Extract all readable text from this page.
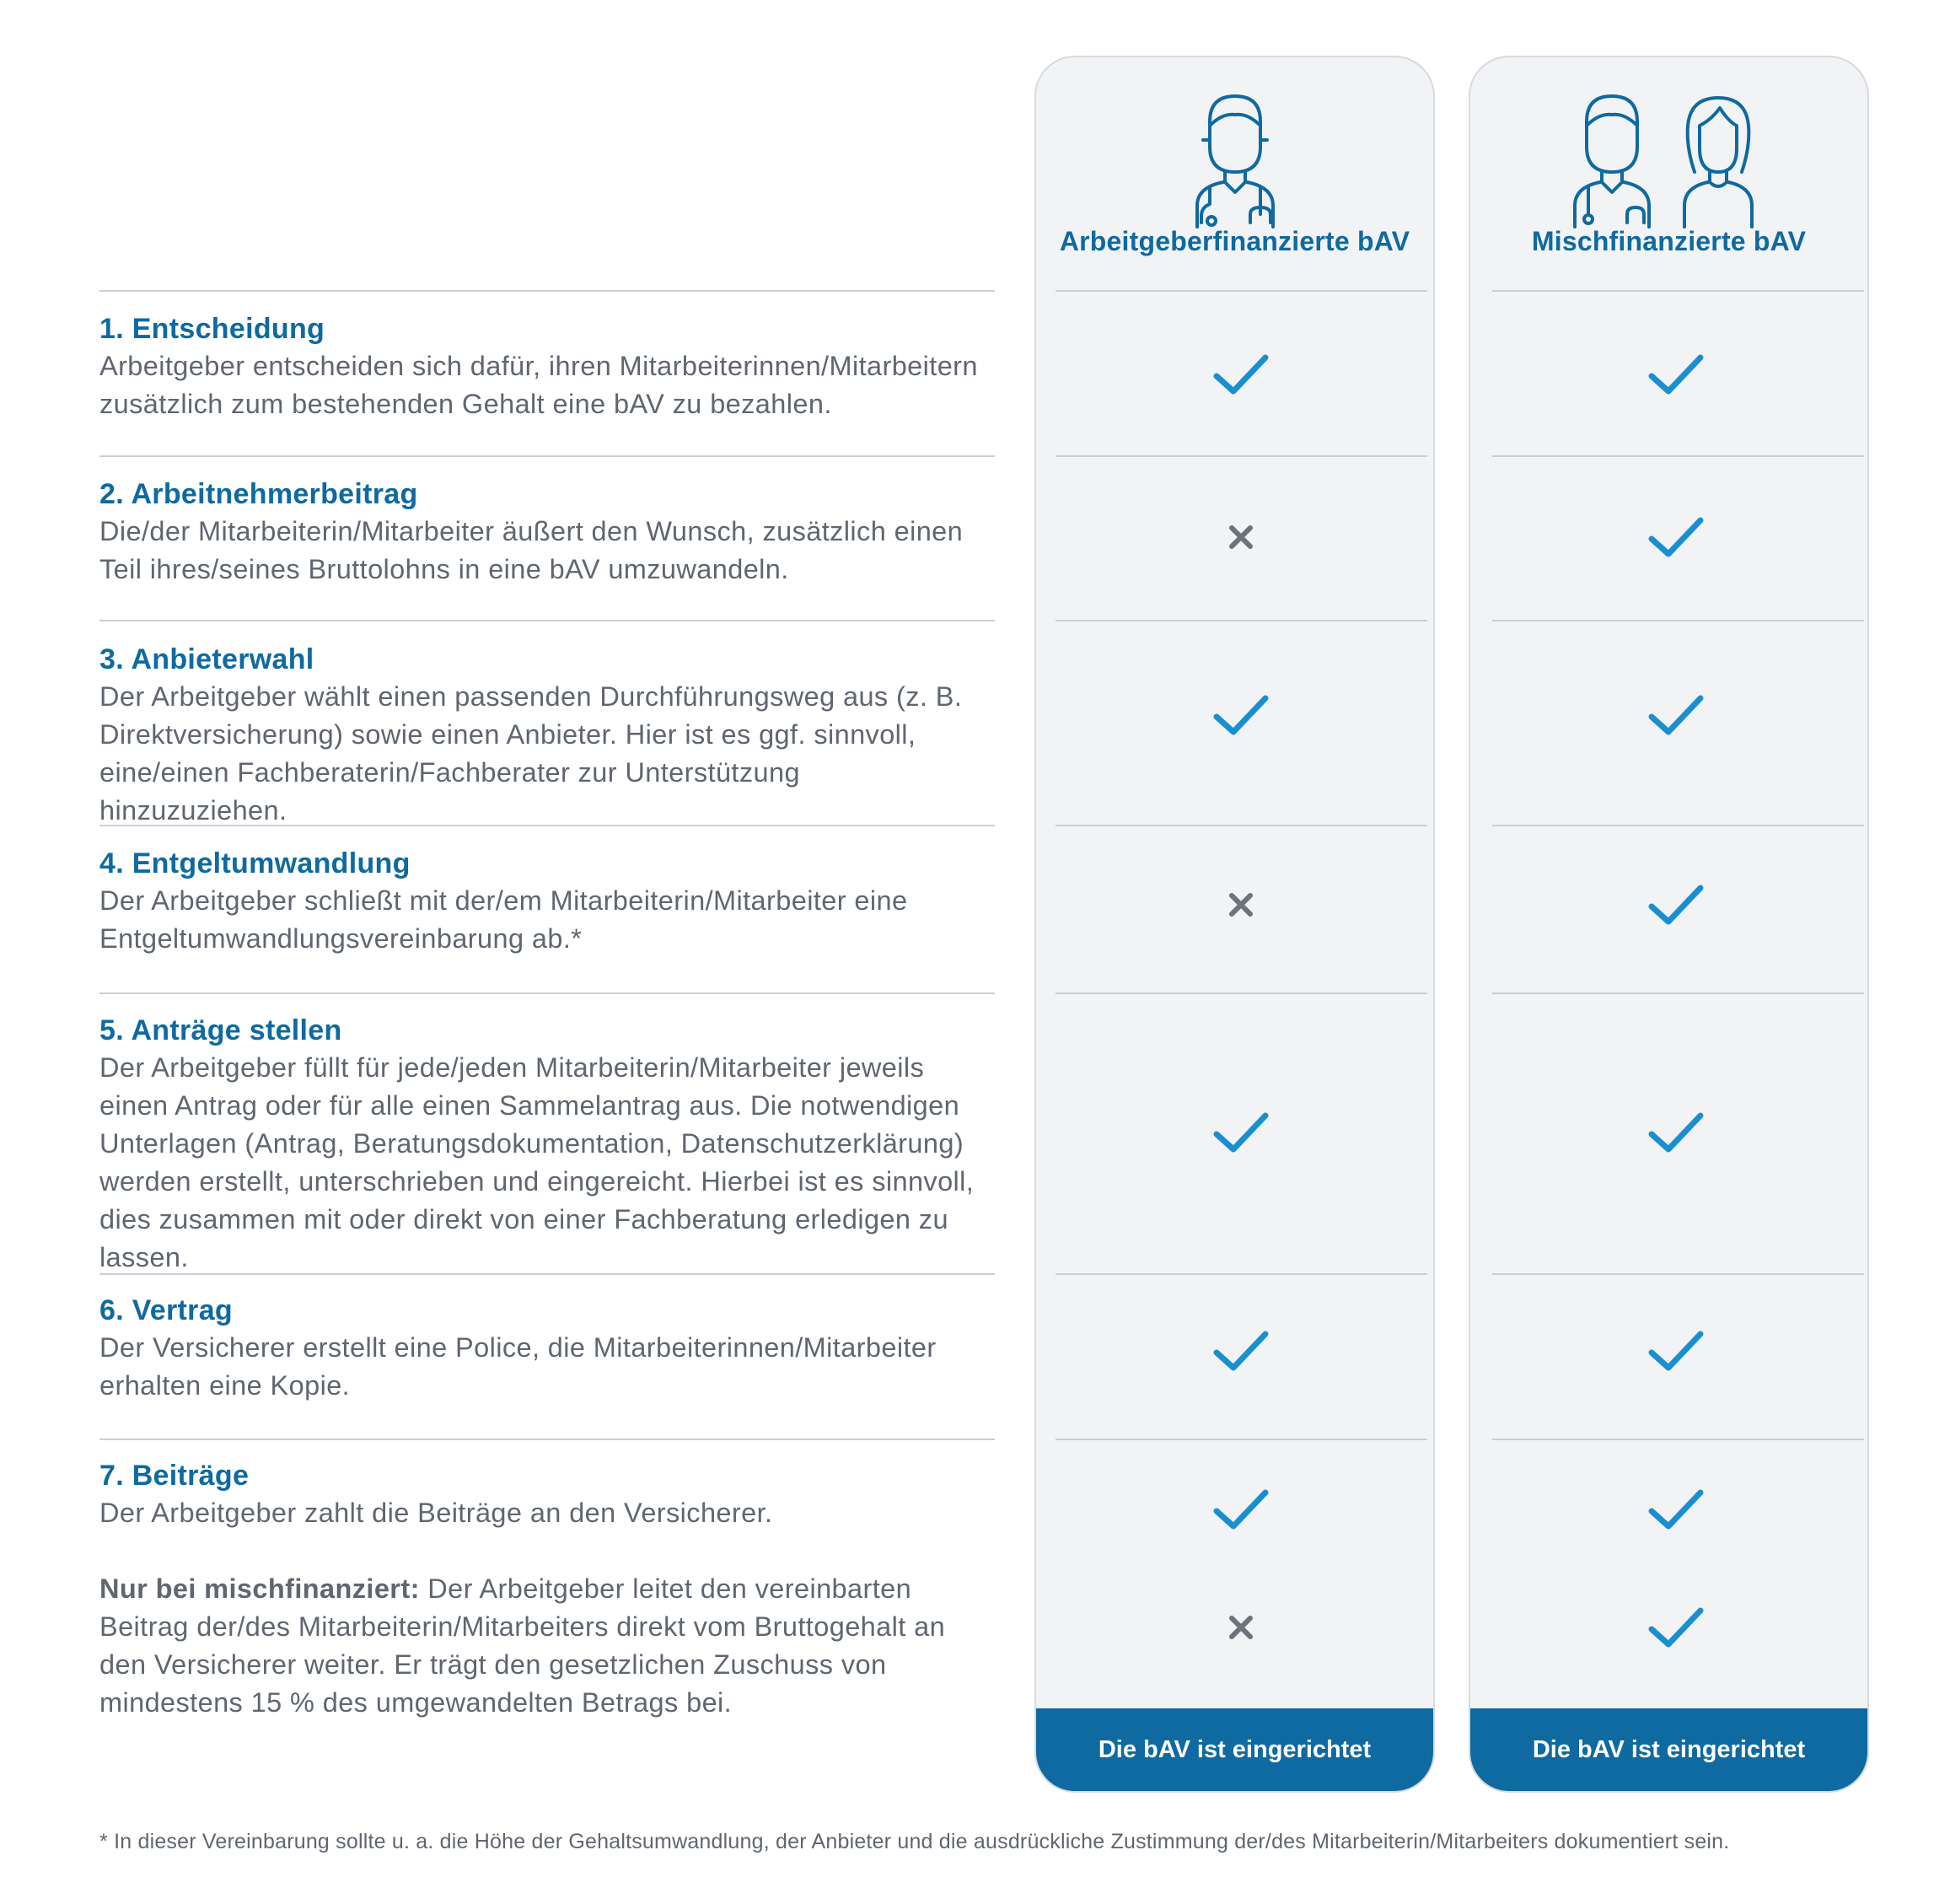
Arbeitgeberfinanzierte bAV
Die bAV ist eingerichtet
Mischfinanzierte bAV
Die bAV ist eingerichtet
1. Entscheidung
Arbeitgeber entscheiden sich dafür, ihren Mitarbeiterinnen/Mitarbeitern zusätzlich zum bestehenden Gehalt eine bAV zu bezahlen.
2. Arbeitnehmerbeitrag
Die/der Mitarbeiterin/Mitarbeiter äußert den Wunsch, zusätzlich einen Teil ihres/seines Bruttolohns in eine bAV umzuwandeln.
3. Anbieterwahl
Der Arbeitgeber wählt einen passenden Durchführungsweg aus (z. B. Direktversicherung) sowie einen Anbieter. Hier ist es ggf. sinnvoll, eine/einen Fachberaterin/Fachberater zur Unterstützung hinzuzuziehen.
4. Entgeltumwandlung
Der Arbeitgeber schließt mit der/em Mitarbeiterin/Mitarbeiter eine Entgeltumwandlungsvereinbarung ab.*
5. Anträge stellen
Der Arbeitgeber füllt für jede/jeden Mitarbeiterin/Mitarbeiter jeweils einen Antrag oder für alle einen Sammelantrag aus. Die notwendigen Unterlagen (Antrag, Beratungsdokumentation, Datenschutzerklärung) werden erstellt, unterschrieben und eingereicht. Hierbei ist es sinnvoll, dies zusammen mit oder direkt von einer Fachberatung erledigen zu lassen.
6. Vertrag
Der Versicherer erstellt eine Police, die Mitarbeiterinnen/Mitarbeiter erhalten eine Kopie.
7. Beiträge
Der Arbeitgeber zahlt die Beiträge an den Versicherer.
Nur bei mischfinanziert: Der Arbeitgeber leitet den vereinbarten Beitrag der/des Mitarbeiterin/Mitarbeiters direkt vom Bruttogehalt an den Versicherer weiter. Er trägt den gesetzlichen Zuschuss von mindestens 15 % des umgewandelten Betrags bei.
* In dieser Vereinbarung sollte u. a. die Höhe der Gehaltsumwandlung, der Anbieter und die ausdrückliche Zustimmung der/des Mitarbeiterin/Mitarbeiters dokumentiert sein.
